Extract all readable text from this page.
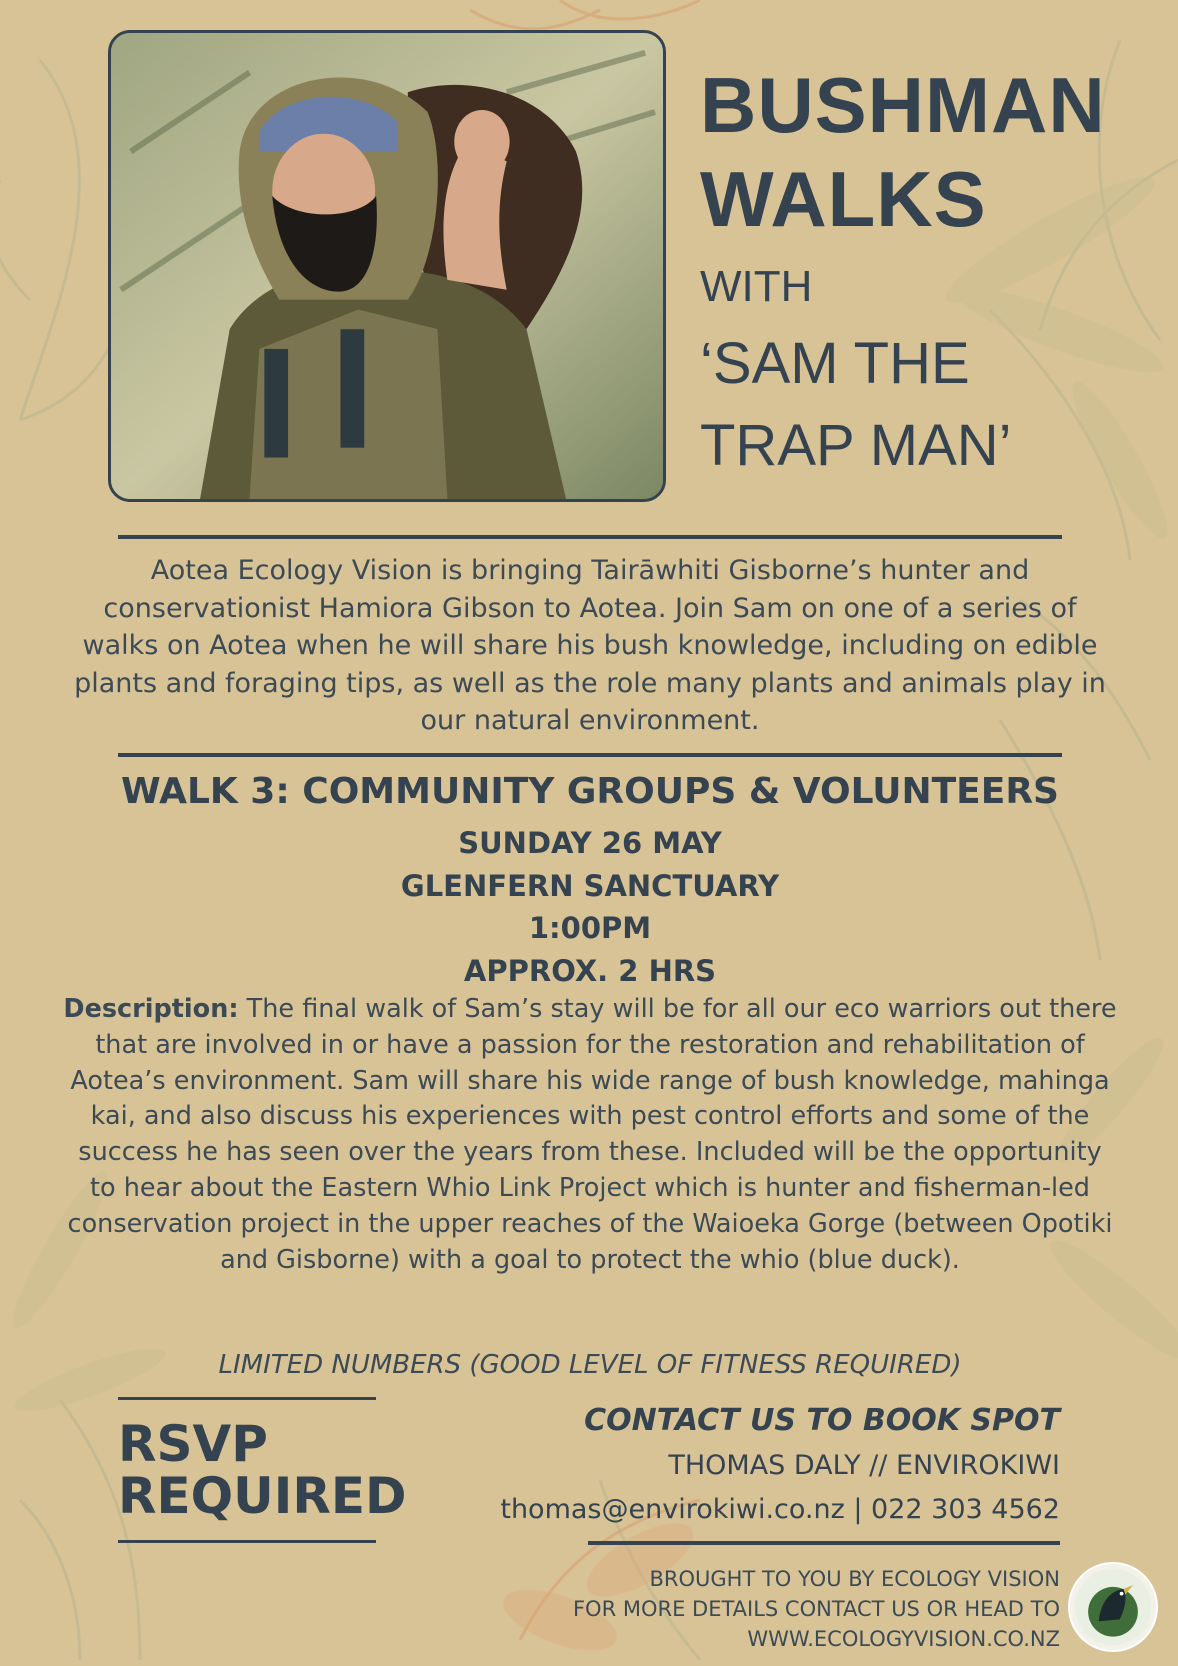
BUSHMAN
WALKS
WITH
‘SAM THE
TRAP MAN’
Aotea Ecology Vision is bringing Tairāwhiti Gisborne’s hunter and conservationist Hamiora Gibson to Aotea. Join Sam on one of a series of walks on Aotea when he will share his bush knowledge, including on edible plants and foraging tips, as well as the role many plants and animals play in our natural environment.
WALK 3: COMMUNITY GROUPS & VOLUNTEERS
SUNDAY 26 MAY
GLENFERN SANCTUARY
1:00PM
APPROX. 2 HRS
Description: The final walk of Sam’s stay will be for all our eco warriors out there that are involved in or have a passion for the restoration and rehabilitation of Aotea’s environment. Sam will share his wide range of bush knowledge, mahinga kai, and also discuss his experiences with pest control efforts and some of the success he has seen over the years from these. Included will be the opportunity to hear about the Eastern Whio Link Project which is hunter and fisherman-led conservation project in the upper reaches of the Waioeka Gorge (between Opotiki and Gisborne) with a goal to protect the whio (blue duck).
LIMITED NUMBERS (GOOD LEVEL OF FITNESS REQUIRED)
RSVP
REQUIRED
CONTACT US TO BOOK SPOT
THOMAS DALY // ENVIROKIWI
thomas@envirokiwi.co.nz | 022 303 4562
BROUGHT TO YOU BY ECOLOGY VISION
FOR MORE DETAILS CONTACT US OR HEAD TO
WWW.ECOLOGYVISION.CO.NZ
